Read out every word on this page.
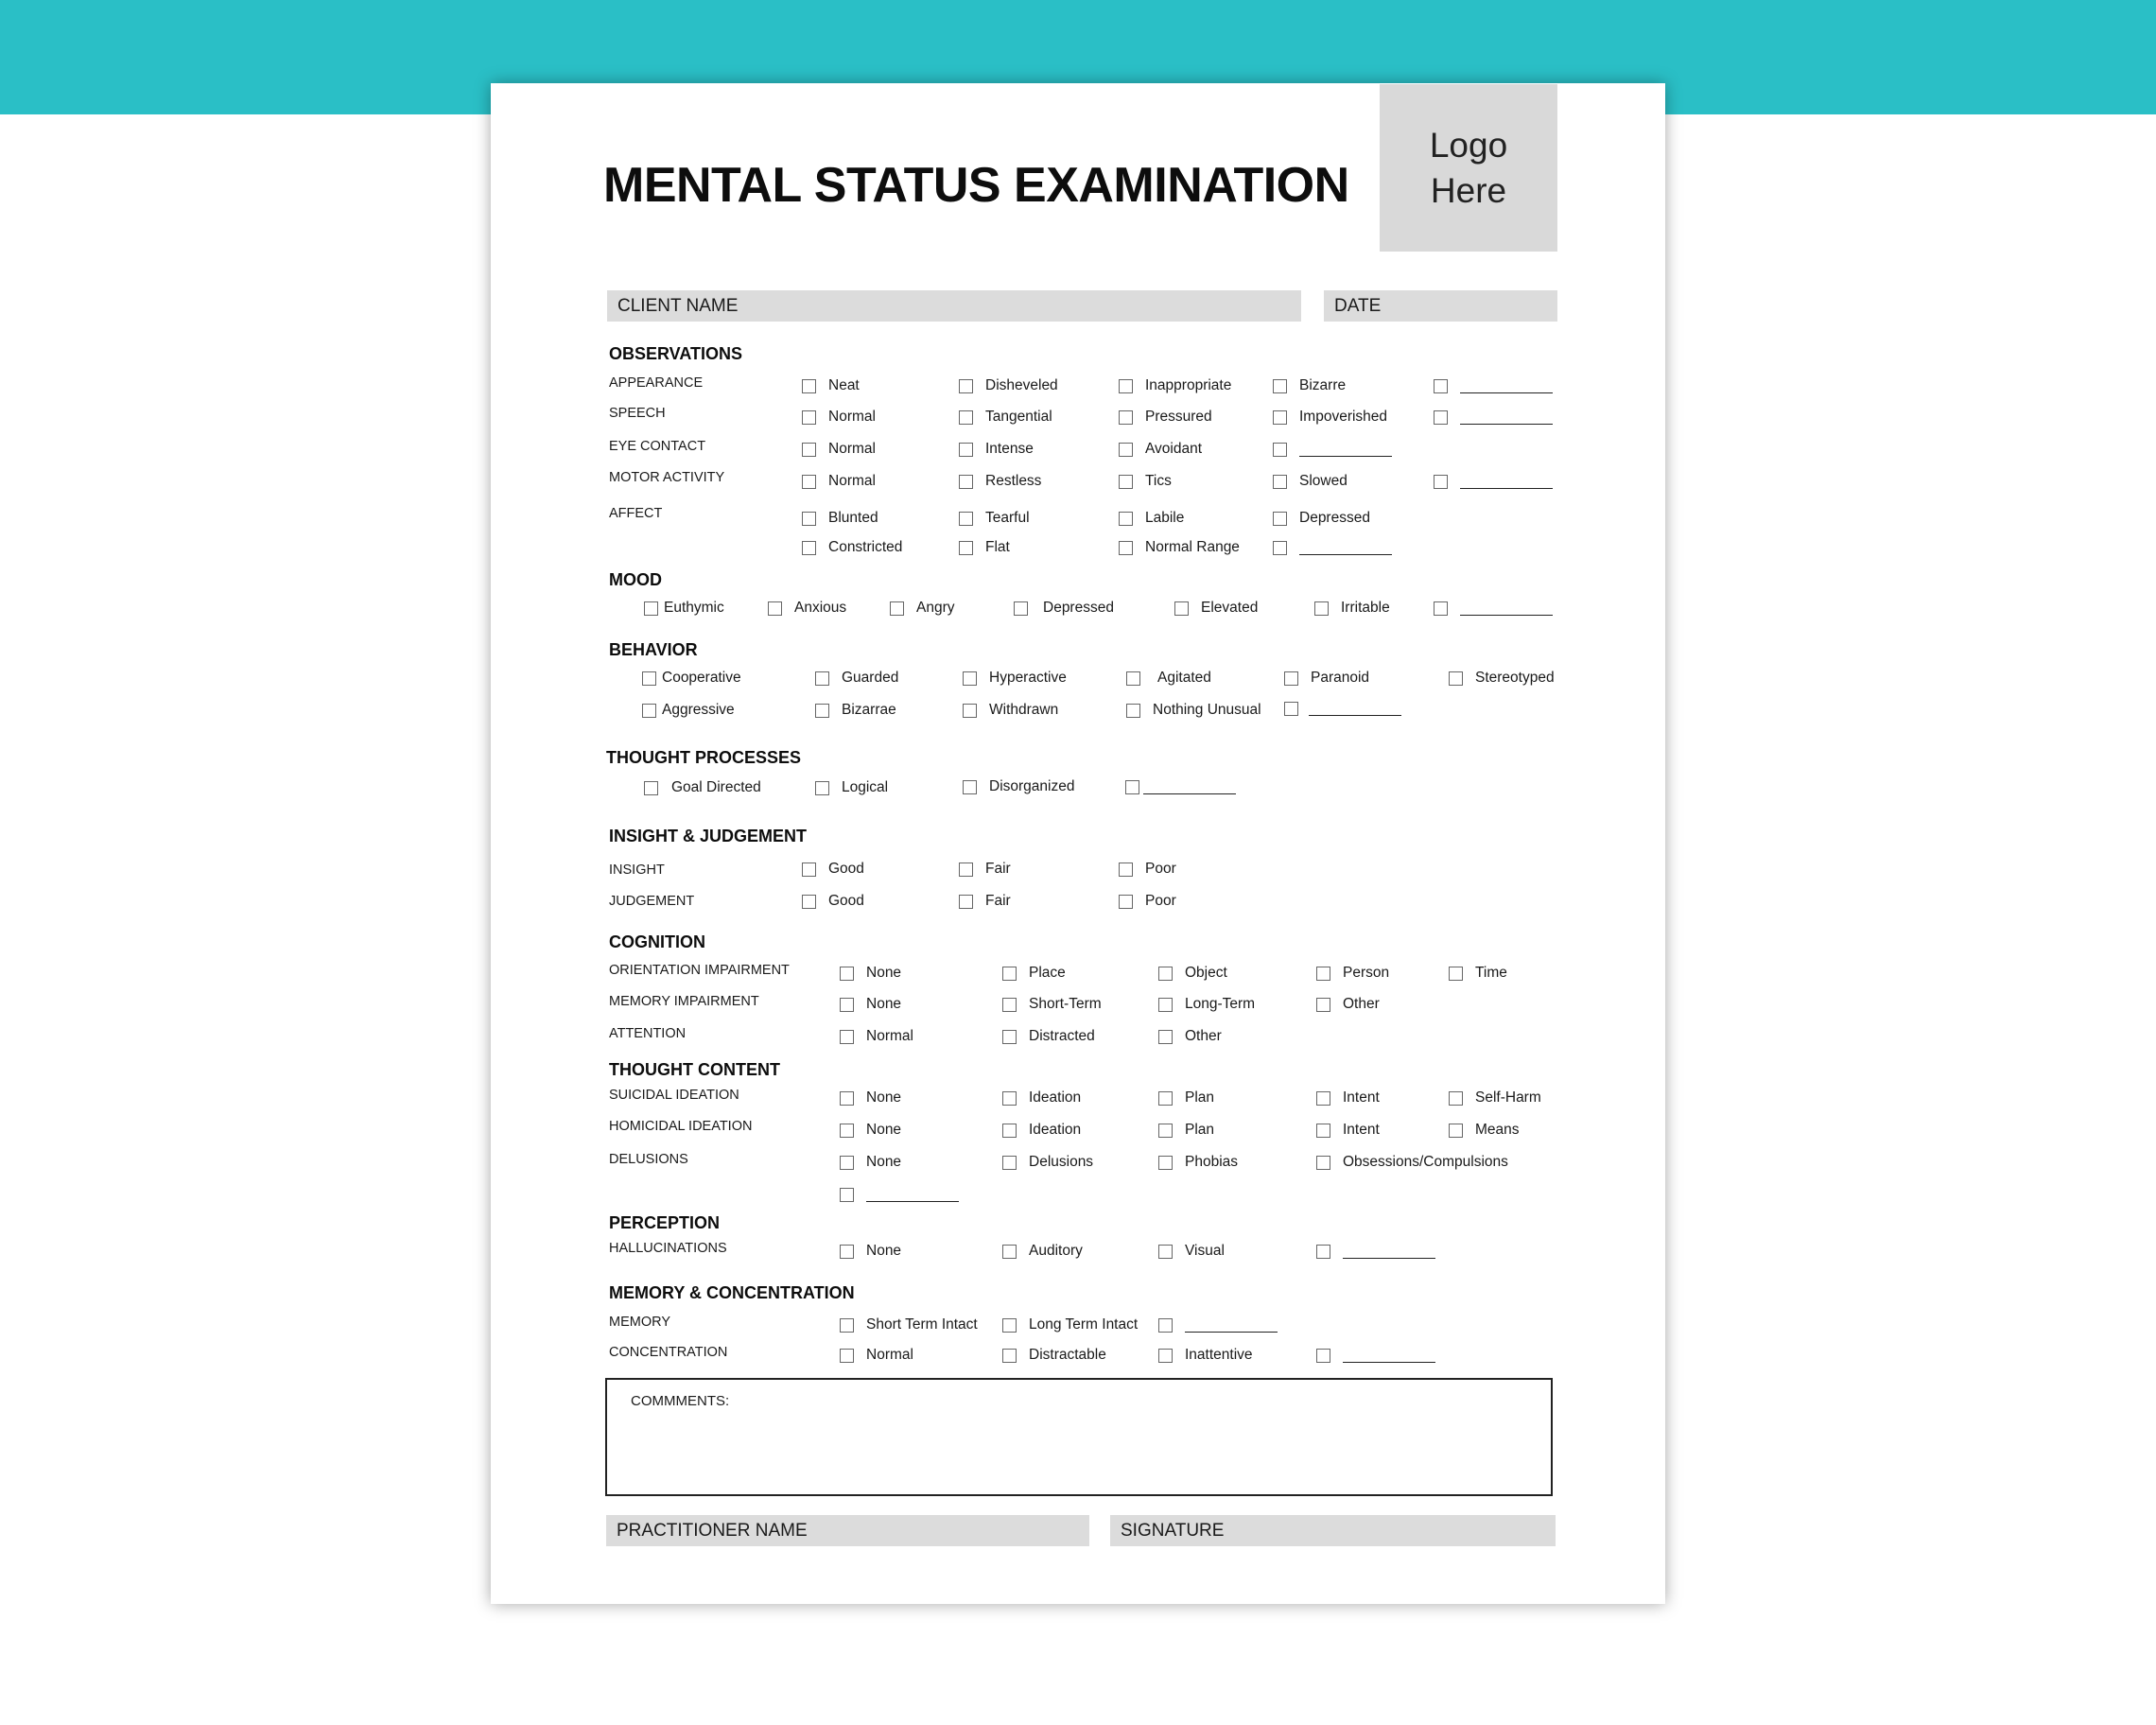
MENTAL STATUS EXAMINATION
Logo
Here
CLIENT NAME	DATE
OBSERVATIONS
APPEARANCE	Neat	Disheveled	Inappropriate	Bizarre
SPEECH	Normal	Tangential	Pressured	Impoverished
EYE CONTACT	Normal	Intense	Avoidant
MOTOR ACTIVITY	Normal	Restless	Tics	Slowed
AFFECT	Blunted	Tearful	Labile	Depressed
Constricted	Flat	Normal Range
MOOD
Euthymic	Anxious	Angry	Depressed	Elevated	Irritable
BEHAVIOR
Cooperative	Guarded	Hyperactive	Agitated	Paranoid	Stereotyped
Aggressive	Bizarrae	Withdrawn	Nothing Unusual
THOUGHT PROCESSES
Goal Directed	Logical	Disorganized
INSIGHT & JUDGEMENT
INSIGHT	Good	Fair	Poor
JUDGEMENT	Good	Fair	Poor
COGNITION
ORIENTATION IMPAIRMENT	None	Place	Object	Person	Time
MEMORY IMPAIRMENT	None	Short-Term	Long-Term	Other
ATTENTION	Normal	Distracted	Other
THOUGHT CONTENT
SUICIDAL IDEATION	None	Ideation	Plan	Intent	Self-Harm
HOMICIDAL IDEATION	None	Ideation	Plan	Intent	Means
DELUSIONS	None	Delusions	Phobias	Obsessions/Compulsions
PERCEPTION
HALLUCINATIONS	None	Auditory	Visual
MEMORY & CONCENTRATION
MEMORY	Short Term Intact	Long Term Intact
CONCENTRATION	Normal	Distractable	Inattentive
COMMMENTS:
PRACTITIONER NAME	SIGNATURE
